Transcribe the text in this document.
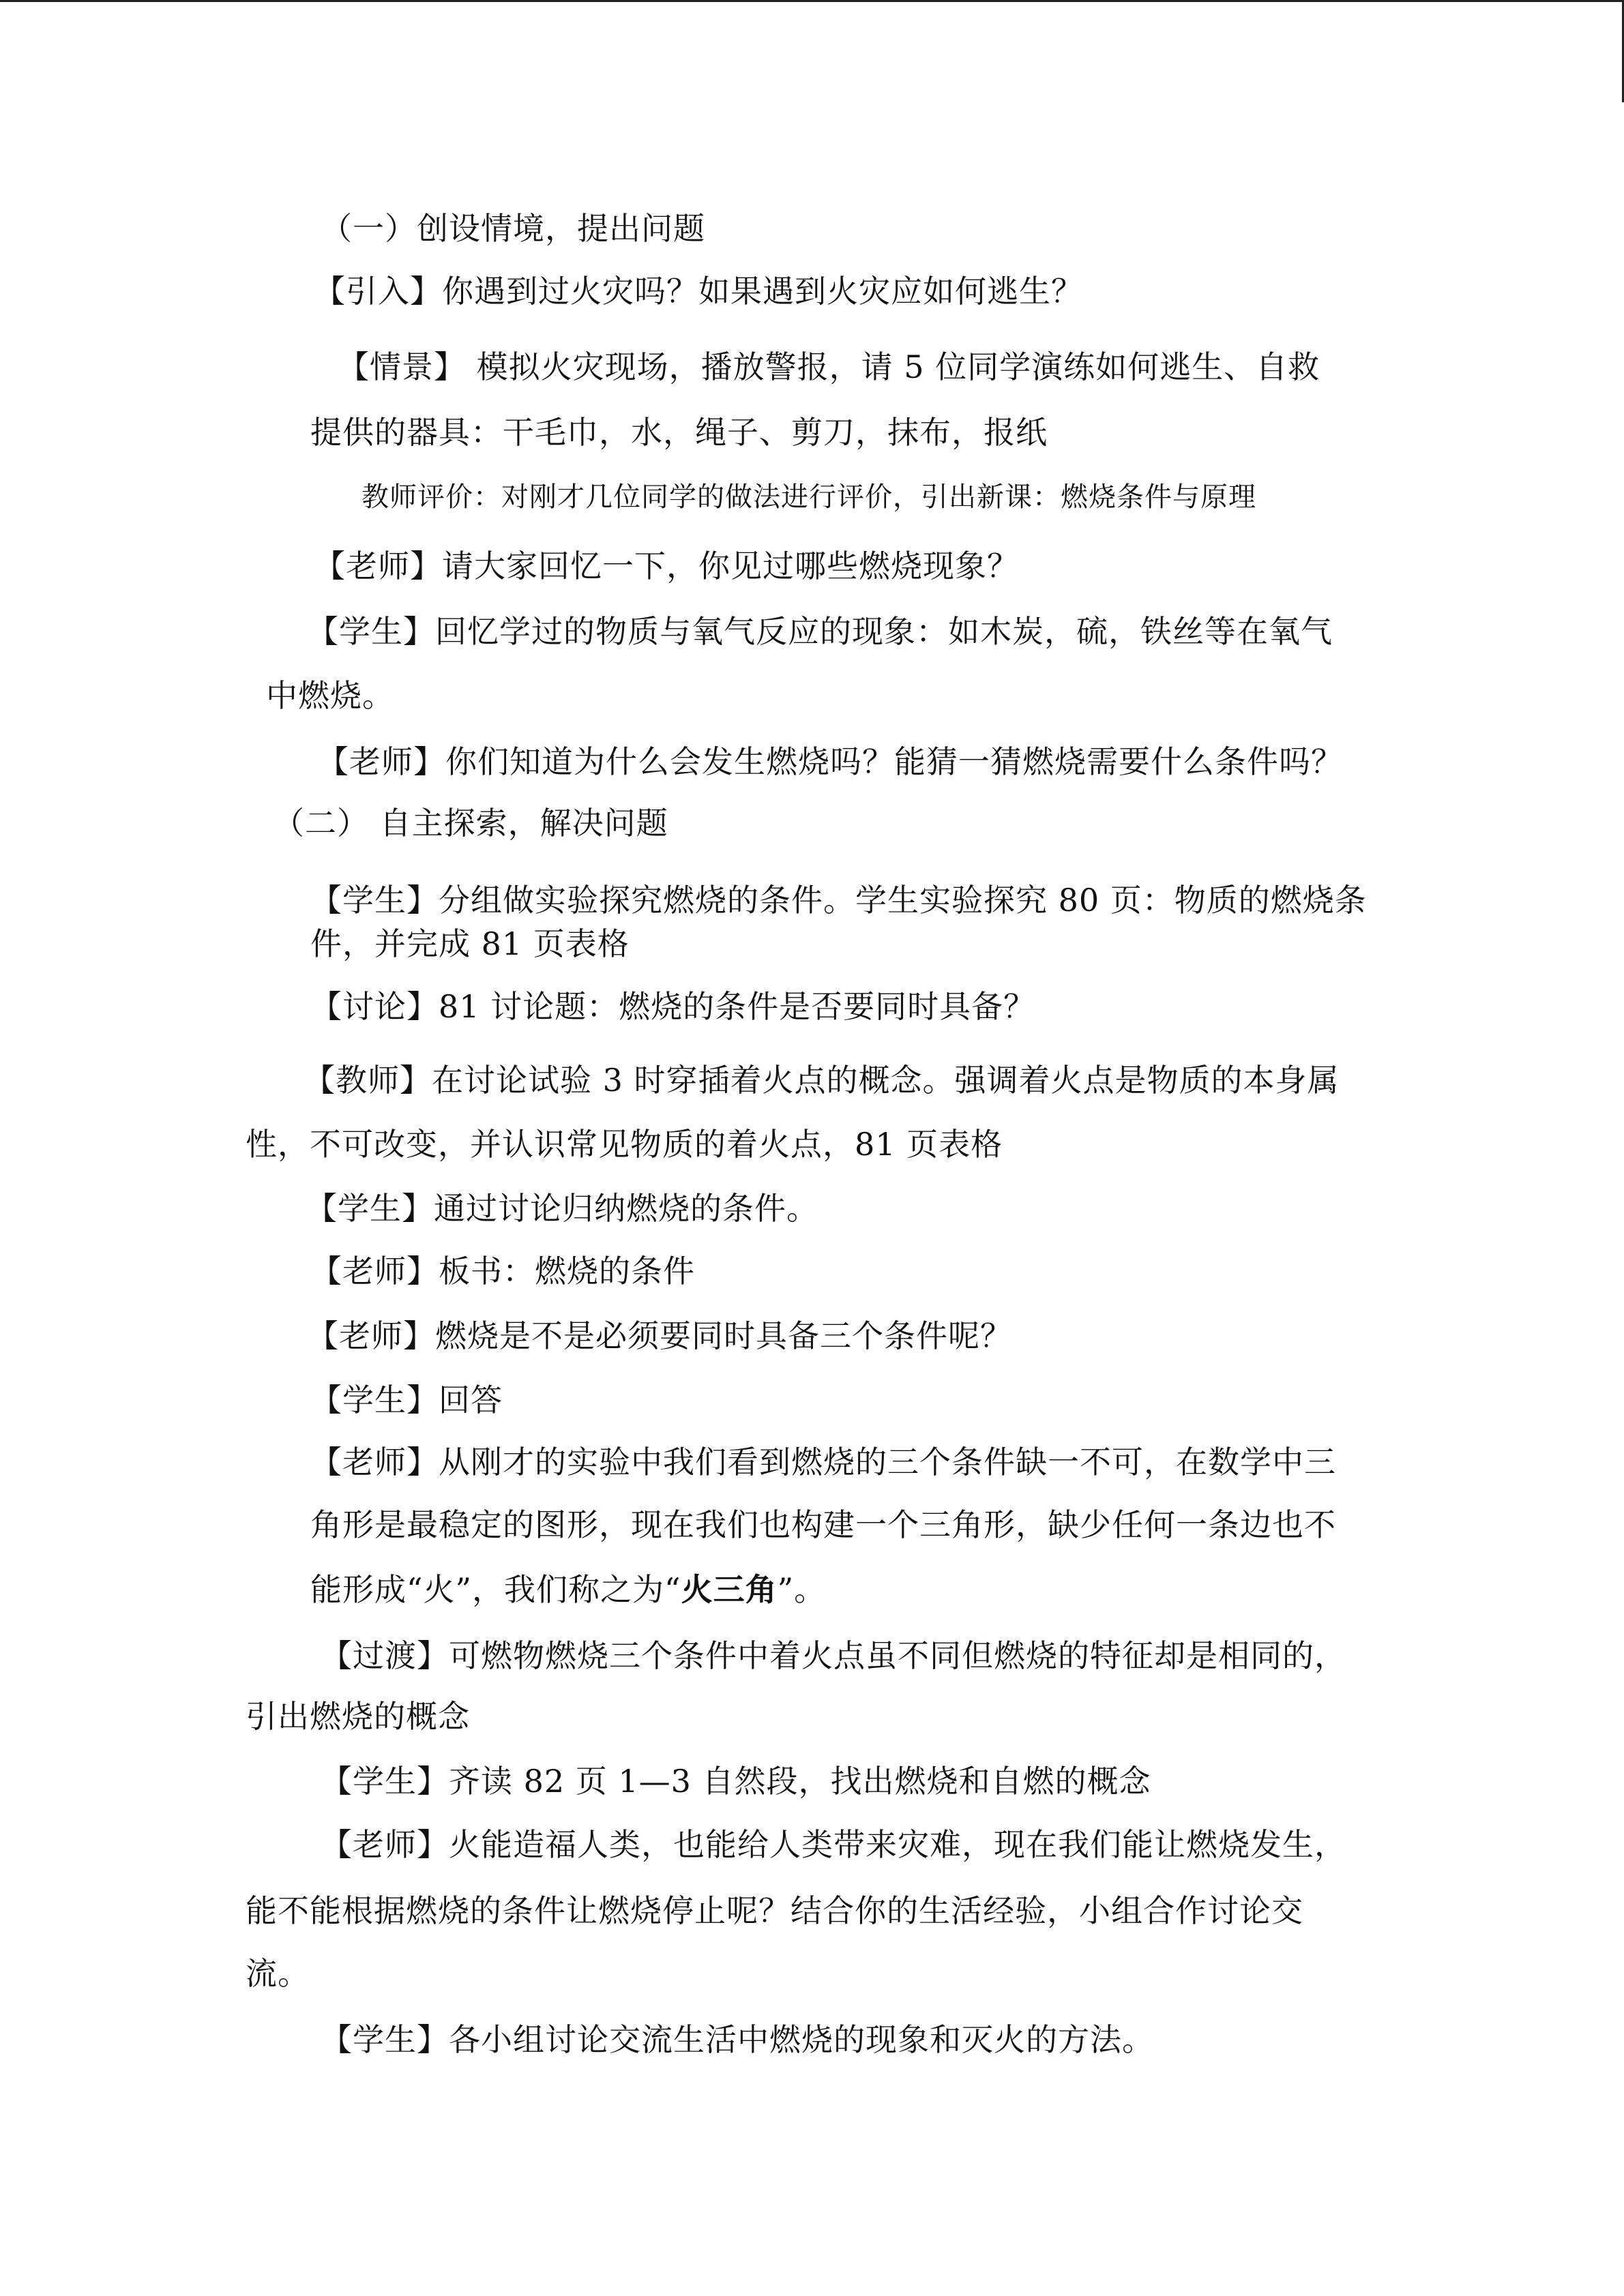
（一）创设情境，提出问题
【引入】你遇到过火灾吗？如果遇到火灾应如何逃生？
【情景】 模拟火灾现场，播放警报，请 5 位同学演练如何逃生、自救
提供的器具：干毛巾，水，绳子、剪刀，抹布，报纸
教师评价：对刚才几位同学的做法进行评价，引出新课：燃烧条件与原理
【老师】请大家回忆一下，你见过哪些燃烧现象？
【学生】回忆学过的物质与氧气反应的现象：如木炭，硫，铁丝等在氧气
中燃烧。
【老师】你们知道为什么会发生燃烧吗？能猜一猜燃烧需要什么条件吗？
（二） 自主探索，解决问题
【学生】分组做实验探究燃烧的条件。学生实验探究 80 页：物质的燃烧条
件，并完成 81 页表格
【讨论】81 讨论题：燃烧的条件是否要同时具备？
【教师】在讨论试验 3 时穿插着火点的概念。强调着火点是物质的本身属
性，不可改变，并认识常见物质的着火点，81 页表格
【学生】通过讨论归纳燃烧的条件。
【老师】板书：燃烧的条件
【老师】燃烧是不是必须要同时具备三个条件呢？
【学生】回答
【老师】从刚才的实验中我们看到燃烧的三个条件缺一不可，在数学中三
角形是最稳定的图形，现在我们也构建一个三角形，缺少任何一条边也不
能形成“火”，我们称之为“火三角”。
【过渡】可燃物燃烧三个条件中着火点虽不同但燃烧的特征却是相同的，
引出燃烧的概念
【学生】齐读 82 页 1—3 自然段，找出燃烧和自燃的概念
【老师】火能造福人类，也能给人类带来灾难，现在我们能让燃烧发生，
能不能根据燃烧的条件让燃烧停止呢？结合你的生活经验，小组合作讨论交
流。
【学生】各小组讨论交流生活中燃烧的现象和灭火的方法。
